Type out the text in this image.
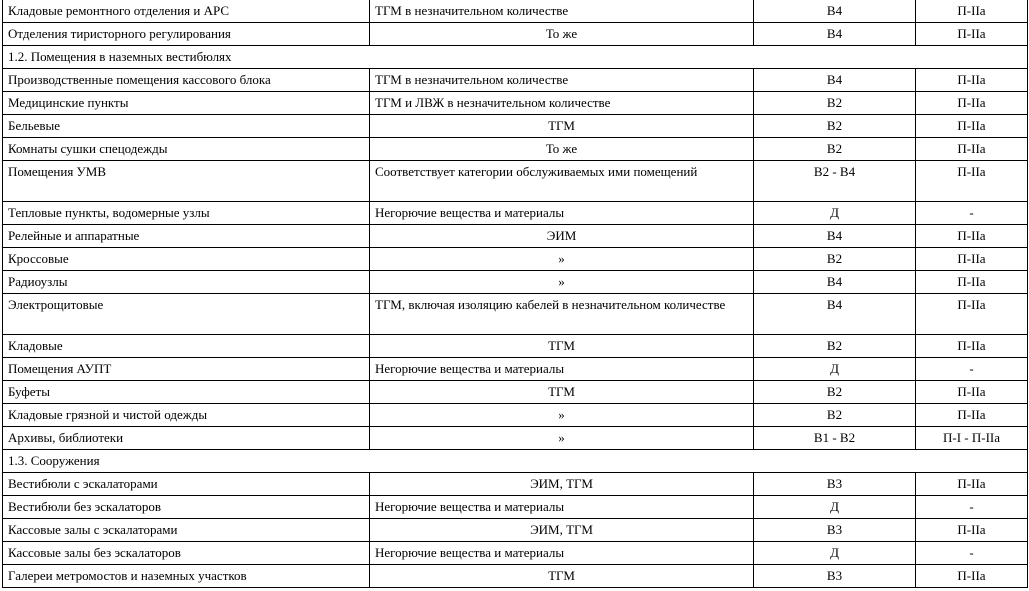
Кладовые ремонтного отделения и АРС	ТГМ в незначительном количестве	В4	П-IIа

Отделения тиристорного регулирования	То же	В4	П-IIа

1.2. Помещения в наземных вестибюлях			

Производственные помещения кассового блока	ТГМ в незначительном количестве	В4	П-IIа

Медицинские пункты	ТГМ и ЛВЖ в незначительном количестве	В2	П-IIа

Бельевые	ТГМ	В2	П-IIа

Комнаты сушки спецодежды	То же	В2	П-IIа

Помещения УМВ	Соответствует категории обслуживаемых ими помещений	В2 - В4	П-IIа

Тепловые пункты, водомерные узлы	Негорючие вещества и материалы	Д	-

Релейные и аппаратные	ЭИМ	В4	П-IIа

Кроссовые	»	В2	П-IIа

Радиоузлы	»	В4	П-IIа

Электрощитовые	ТГМ, включая изоляцию кабелей в незначительном количестве	В4	П-IIа

Кладовые	ТГМ	В2	П-IIа

Помещения АУПТ	Негорючие вещества и материалы	Д	-

Буфеты	ТГМ	В2	П-IIа

Кладовые грязной и чистой одежды	»	В2	П-IIа

Архивы, библиотеки	»	В1 - В2	П-I - П-IIа

1.3. Сооружения			

Вестибюли с эскалаторами	ЭИМ, ТГМ	В3	П-IIа

Вестибюли без эскалаторов	Негорючие вещества и материалы	Д	-

Кассовые залы с эскалаторами	ЭИМ, ТГМ	В3	П-IIа

Кассовые залы без эскалаторов	Негорючие вещества и материалы	Д	-

Галереи метромостов и наземных участков	ТГМ	В3	П-IIа
